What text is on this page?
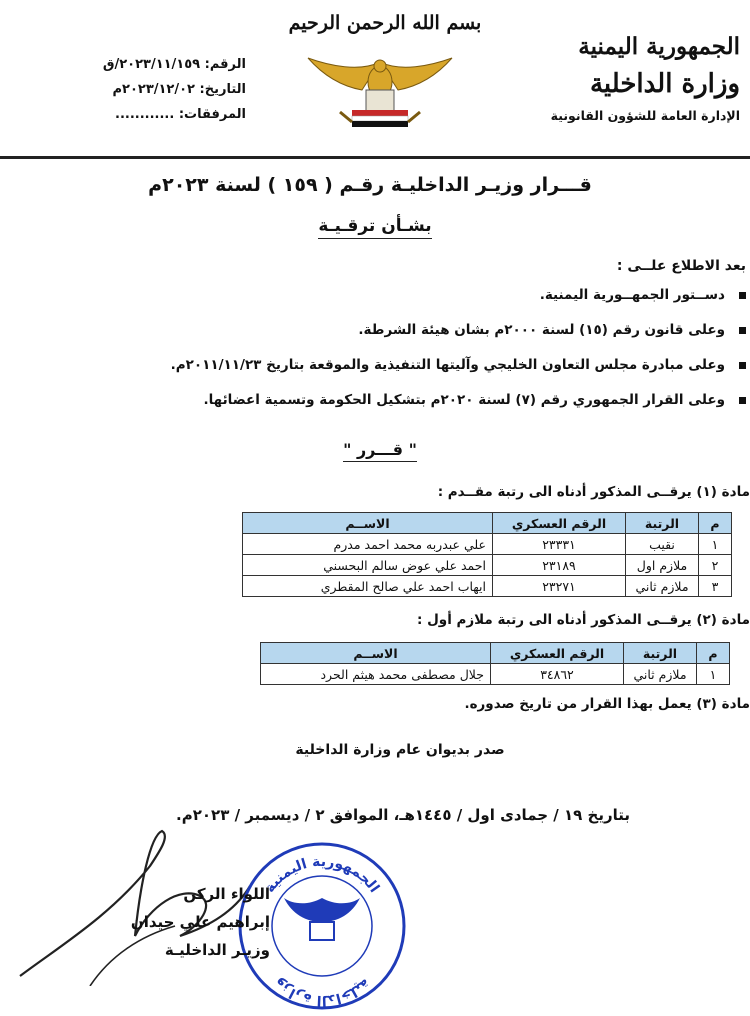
الجمهورية اليمنية
وزارة الداخلية
الإدارة العامة للشؤون القانونية
بسم الله الرحمن الرحيم
الرقم: ٢٠٢٣/١١/١٥٩/ق
التاريخ: ٢٠٢٣/١٢/٠٢م
المرفقات: ............
قـــرار وزيـر الداخليـة رقـم ( ١٥٩ ) لسنة ٢٠٢٣م
بشـأن ترقـيـة
بعد الاطلاع علــى :
دســتور الجمهــورية اليمنية.
وعلى قانون رقم (١٥) لسنة ٢٠٠٠م بشان هيئة الشرطة.
وعلى مبادرة مجلس التعاون الخليجي وآليتها التنفيذية والموقعة بتاريخ ٢٠١١/١١/٢٣م.
وعلى القرار الجمهوري رقم (٧) لسنة ٢٠٢٠م بتشكيل الحكومة وتسمية اعضائها.
" قـــرر "
مادة (١) يرقــى المذكور أدناه الى رتبة مقــدم :
م	الرتبة	الرقم العسكري	الاســم
١	نقيب	٢٣٣٣١	علي عبدربه محمد احمد مدرم
٢	ملازم اول	٢٣١٨٩	احمد علي عوض سالم البحسني
٣	ملازم ثاني	٢٣٢٧١	ايهاب احمد علي صالح المقطري
مادة (٢) يرقــى المذكور أدناه الى رتبة ملازم أول :
م	الرتبة	الرقم العسكري	الاســم
١	ملازم ثاني	٣٤٨٦٢	جلال مصطفى محمد هيثم الحرد
مادة (٣) يعمل بهذا القرار من تاريخ صدوره.
صدر بديوان عام وزارة الداخلية
بتاريخ ١٩ / جمادى اول / ١٤٤٥هـ، الموافق ٢ / ديسمبر / ٢٠٢٣م.
الجمهورية اليمنية
وزارة الداخلية
اللواء الركن
إبراهيم علي حيدان
وزيـر الداخليـة
